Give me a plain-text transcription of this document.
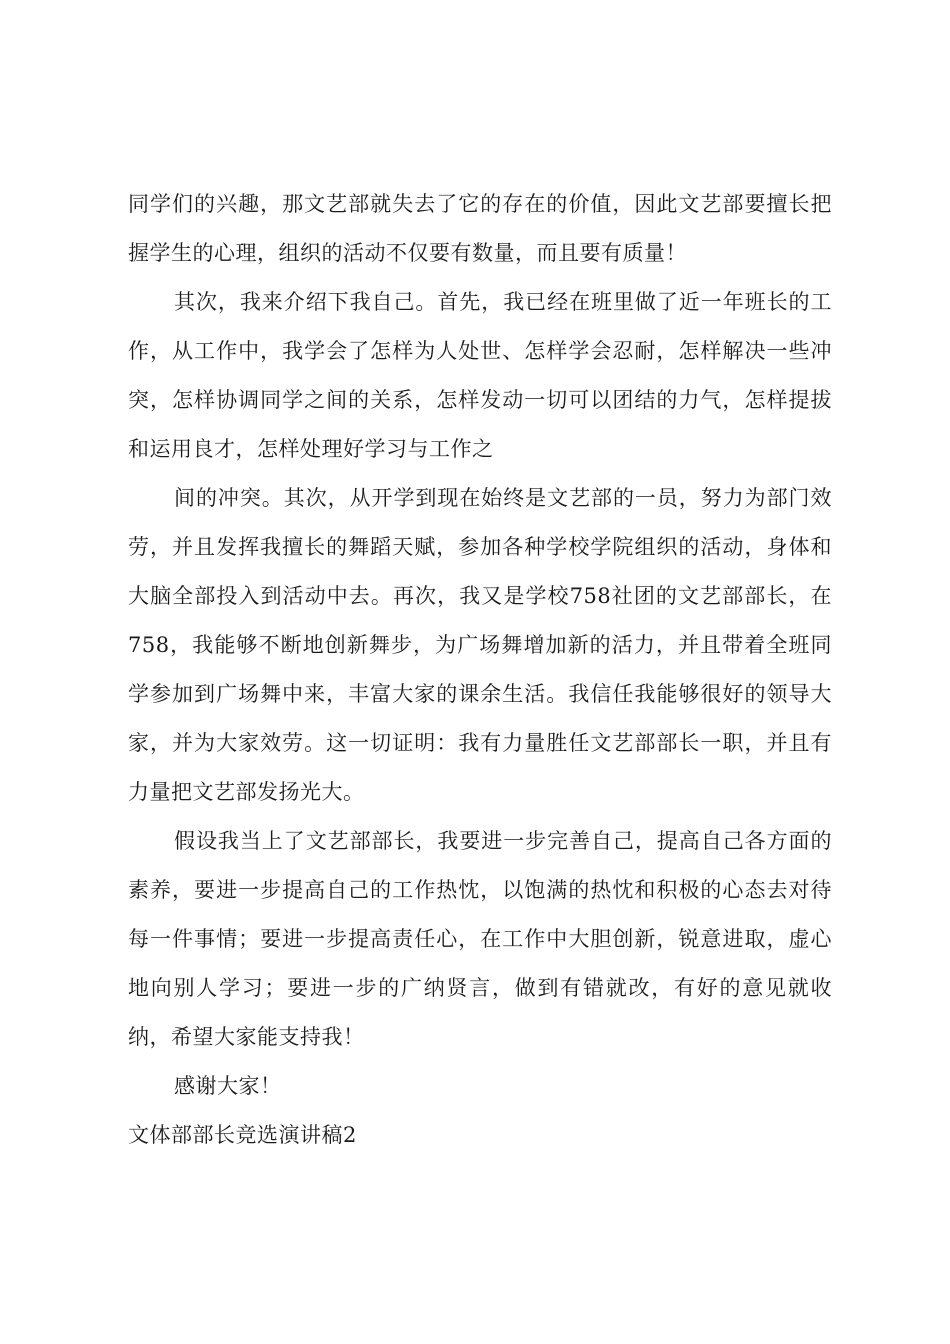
同学们的兴趣，那文艺部就失去了它的存在的价值，因此文艺部要擅长把握学生的心理，组织的活动不仅要有数量，而且要有质量！

其次，我来介绍下我自己。首先，我已经在班里做了近一年班长的工作，从工作中，我学会了怎样为人处世、怎样学会忍耐，怎样解决一些冲突，怎样协调同学之间的关系，怎样发动一切可以团结的力气，怎样提拔和运用良才，怎样处理好学习与工作之

间的冲突。其次，从开学到现在始终是文艺部的一员，努力为部门效劳，并且发挥我擅长的舞蹈天赋，参加各种学校学院组织的活动，身体和大脑全部投入到活动中去。再次，我又是学校758社团的文艺部部长，在758，我能够不断地创新舞步，为广场舞增加新的活力，并且带着全班同学参加到广场舞中来，丰富大家的课余生活。我信任我能够很好的领导大家，并为大家效劳。这一切证明：我有力量胜任文艺部部长一职，并且有力量把文艺部发扬光大。

假设我当上了文艺部部长，我要进一步完善自己，提高自己各方面的素养，要进一步提高自己的工作热忱，以饱满的热忱和积极的心态去对待每一件事情；要进一步提高责任心，在工作中大胆创新，锐意进取，虚心地向别人学习；要进一步的广纳贤言，做到有错就改，有好的意见就收纳，希望大家能支持我！

感谢大家！

文体部部长竞选演讲稿2
